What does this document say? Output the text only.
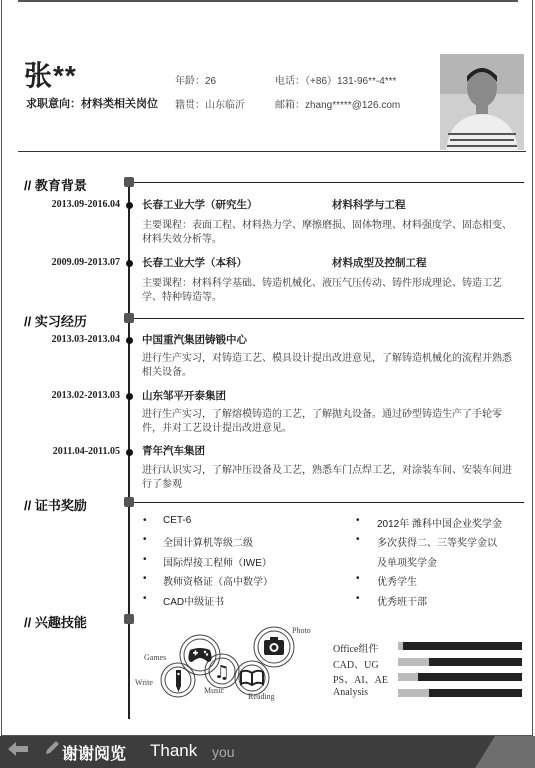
张**
求职意向：材料类相关岗位
年龄：26	电话：（+86）131-96**-4***
籍贯：山东临沂	邮箱：zhang*****@126.com
// 教育背景
2013.09-2016.04 长春工业大学（研究生）	材料科学与工程
主要课程：表面工程、材料热力学、摩擦磨损、固体物理、材料强度学、固态相变、材料失效分析等。
2009.09-2013.07 长春工业大学（本科）	材料成型及控制工程
主要课程：材料科学基础、铸造机械化、液压气压传动、铸件形成理论、铸造工艺学、特种铸造等。
// 实习经历
2013.03-2013.04 中国重汽集团铸锻中心
进行生产实习，对铸造工艺、模具设计提出改进意见，了解铸造机械化的流程并熟悉相关设备。
2013.02-2013.03 山东邹平开泰集团
进行生产实习，了解熔模铸造的工艺，了解抛丸设备。通过砂型铸造生产了手轮零件，并对工艺设计提出改进意见。
2011.04-2011.05 青年汽车集团
进行认识实习，了解冲压设备及工艺，熟悉车门点焊工艺，对涂装车间、安装车间进行了参观
// 证书奖励
• CET-6
• 全国计算机等级二级
• 国际焊接工程师（IWE）
• 教师资格证（高中数学）
• CAD中级证书
• 2012年 潍科中国企业奖学金
• 多次获得二、三等奖学金以
及单项奖学金
• 优秀学生
• 优秀班干部
// 兴趣技能
♫
Photo
Games
Write
Music
Reading
Office组件
CAD、UG
PS、AI、AE
Analysis
谢谢阅览 Thank you
